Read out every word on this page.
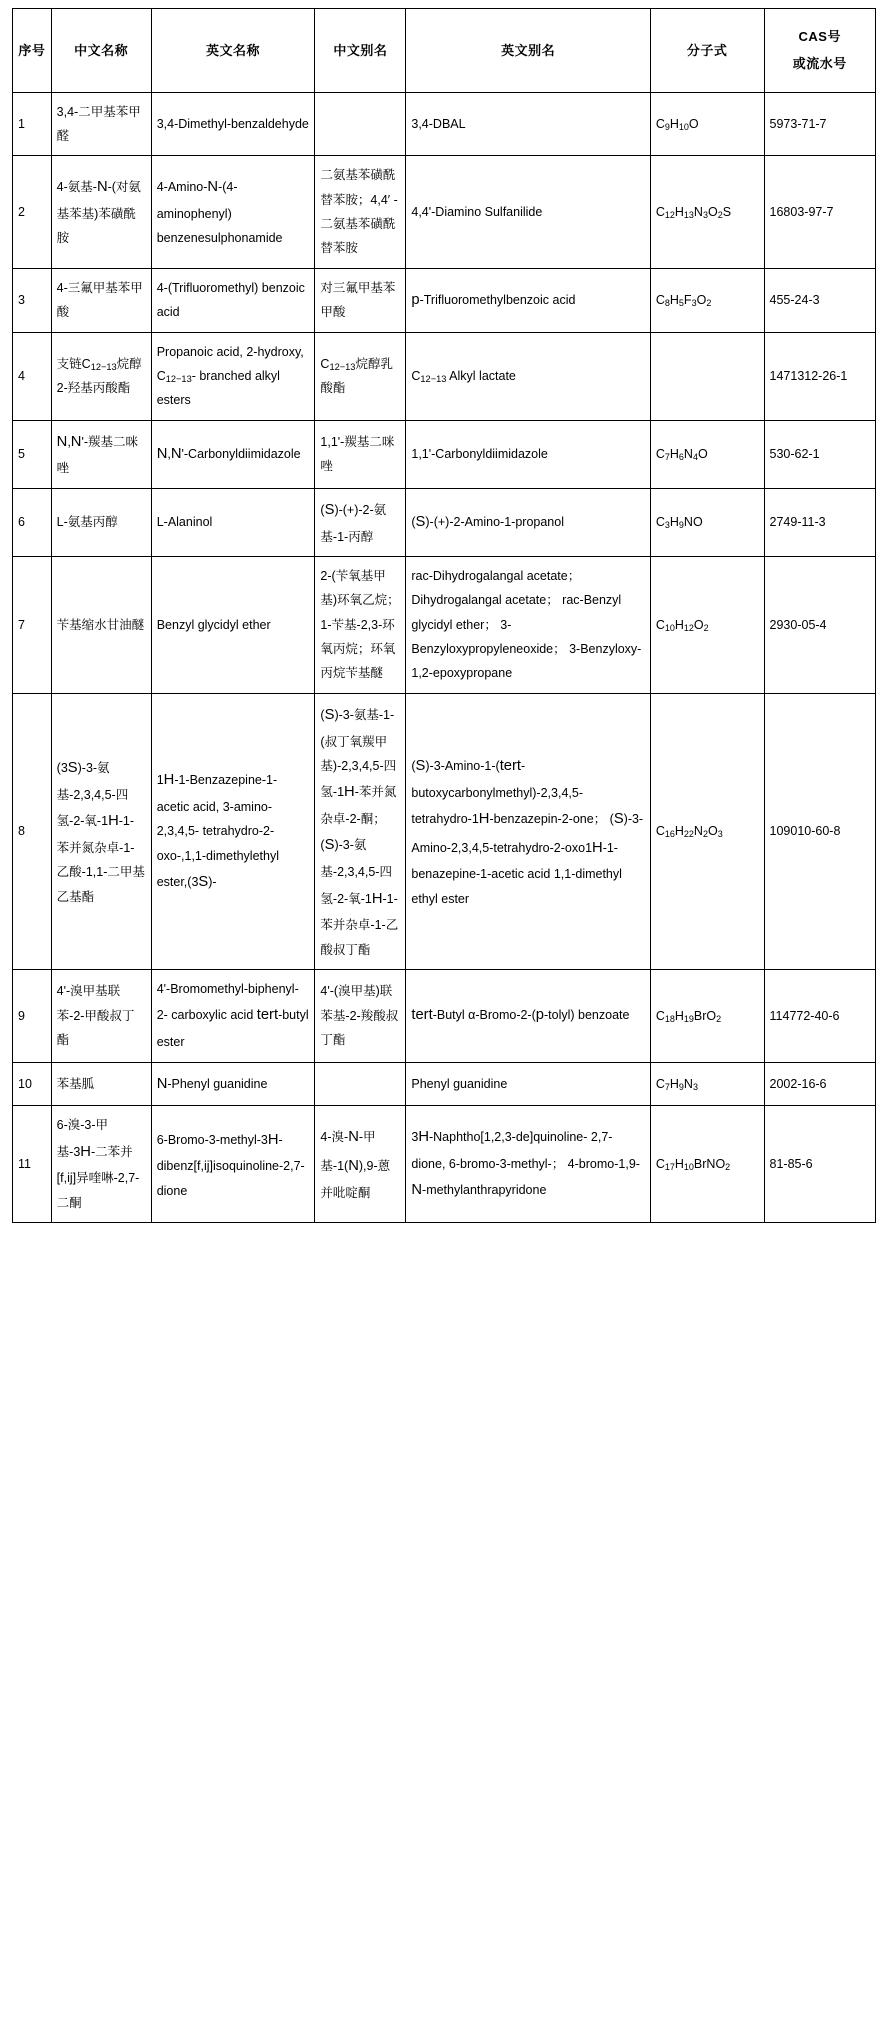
序号	中文名称	英文名称	中文别名	英文别名	分子式	CAS号
或流水号

1	3,4-二甲基苯甲醛	3,4-Dimethyl-benzaldehyde		3,4-DBAL	$C_9H_{10}O$	5973-71-7
2	4-氨基-N-(对氨基苯基)苯磺酰胺	4-Amino-N-(4-aminophenyl) benzenesulphonamide	二氨基苯磺酰替苯胺；4,4′ -二氨基苯磺酰替苯胺	4,4'-Diamino Sulfanilide	$C_{12}H_{13}N_3O_2S$	16803-97-7
3	4-三氟甲基苯甲酸	4-(Trifluoromethyl) benzoic acid	对三氟甲基苯甲酸	p-Trifluoromethylbenzoic acid	$C_8H_5F_3O_2$	455-24-3
4	支链C12−13烷醇2-羟基丙酸酯	Propanoic acid, 2-hydroxy, C12−13- branched alkyl esters	C12−13烷醇乳酸酯	C12−13 Alkyl lactate		1471312-26-1
5	N,N'-羰基二咪唑	N,N'-Carbonyldiimidazole	1,1'-羰基二咪唑	1,1'-Carbonyldiimidazole	$C_7H_6N_4O$	530-62-1
6	L-氨基丙醇	L-Alaninol	(S)-(+)-2-氨基-1-丙醇	(S)-(+)-2-Amino-1-propanol	$C_3H_9NO$	2749-11-3
7	苄基缩水甘油醚	Benzyl glycidyl ether	2-(苄氧基甲基)环氧乙烷；1-苄基-2,3-环氧丙烷；环氧丙烷苄基醚	rac-Dihydrogalangal acetate； Dihydrogalangal acetate； rac-Benzyl glycidyl ether； 3-Benzyloxypropyleneoxide； 3-Benzyloxy-1,2-epoxypropane	$C_{10}H_{12}O_2$	2930-05-4
8	(3S)-3-氨基-2,3,4,5-四氢-2-氧-1H-1-苯并氮杂卓-1-乙酸-1,1-二甲基乙基酯	1H-1-Benzazepine-1-acetic acid, 3-amino-2,3,4,5- tetrahydro-2-oxo-,1,1-dimethylethyl ester,(3S)-	(S)-3-氨基-1-(叔丁氧羰甲基)-2,3,4,5-四氢-1H-苯并氮杂卓-2-酮；(S)-3-氨基-2,3,4,5-四氢-2-氧-1H-1-苯并杂卓-1-乙酸叔丁酯	(S)-3-Amino-1-(tert-butoxycarbonylmethyl)-2,3,4,5- tetrahydro-1H-benzazepin-2-one； (S)-3-Amino-2,3,4,5-tetrahydro-2-oxo1H-1-benazepine-1-acetic acid 1,1-dimethyl ethyl ester	$C_{16}H_{22}N_2O_3$	109010-60-8
9	4'-溴甲基联苯-2-甲酸叔丁酯	4'-Bromomethyl-biphenyl-2- carboxylic acid tert-butyl ester	4'-(溴甲基)联苯基-2-羧酸叔丁酯	tert-Butyl α-Bromo-2-(p-tolyl) benzoate	$C_{18}H_{19}BrO_2$	114772-40-6
10	苯基胍	N-Phenyl guanidine		Phenyl guanidine	$C_7H_9N_3$	2002-16-6
11	6-溴-3-甲基-3H-二苯并[f,ij]异喹啉-2,7-二酮	6-Bromo-3-methyl-3H-dibenz[f,ij]isoquinoline-2,7-dione	4-溴-N-甲基-1(N),9-蒽并吡啶酮	3H-Naphtho[1,2,3-de]quinoline- 2,7-dione, 6-bromo-3-methyl-； 4-bromo-1,9-N-methylanthrapyridone	$C_{17}H_{10}BrNO_2$	81-85-6
